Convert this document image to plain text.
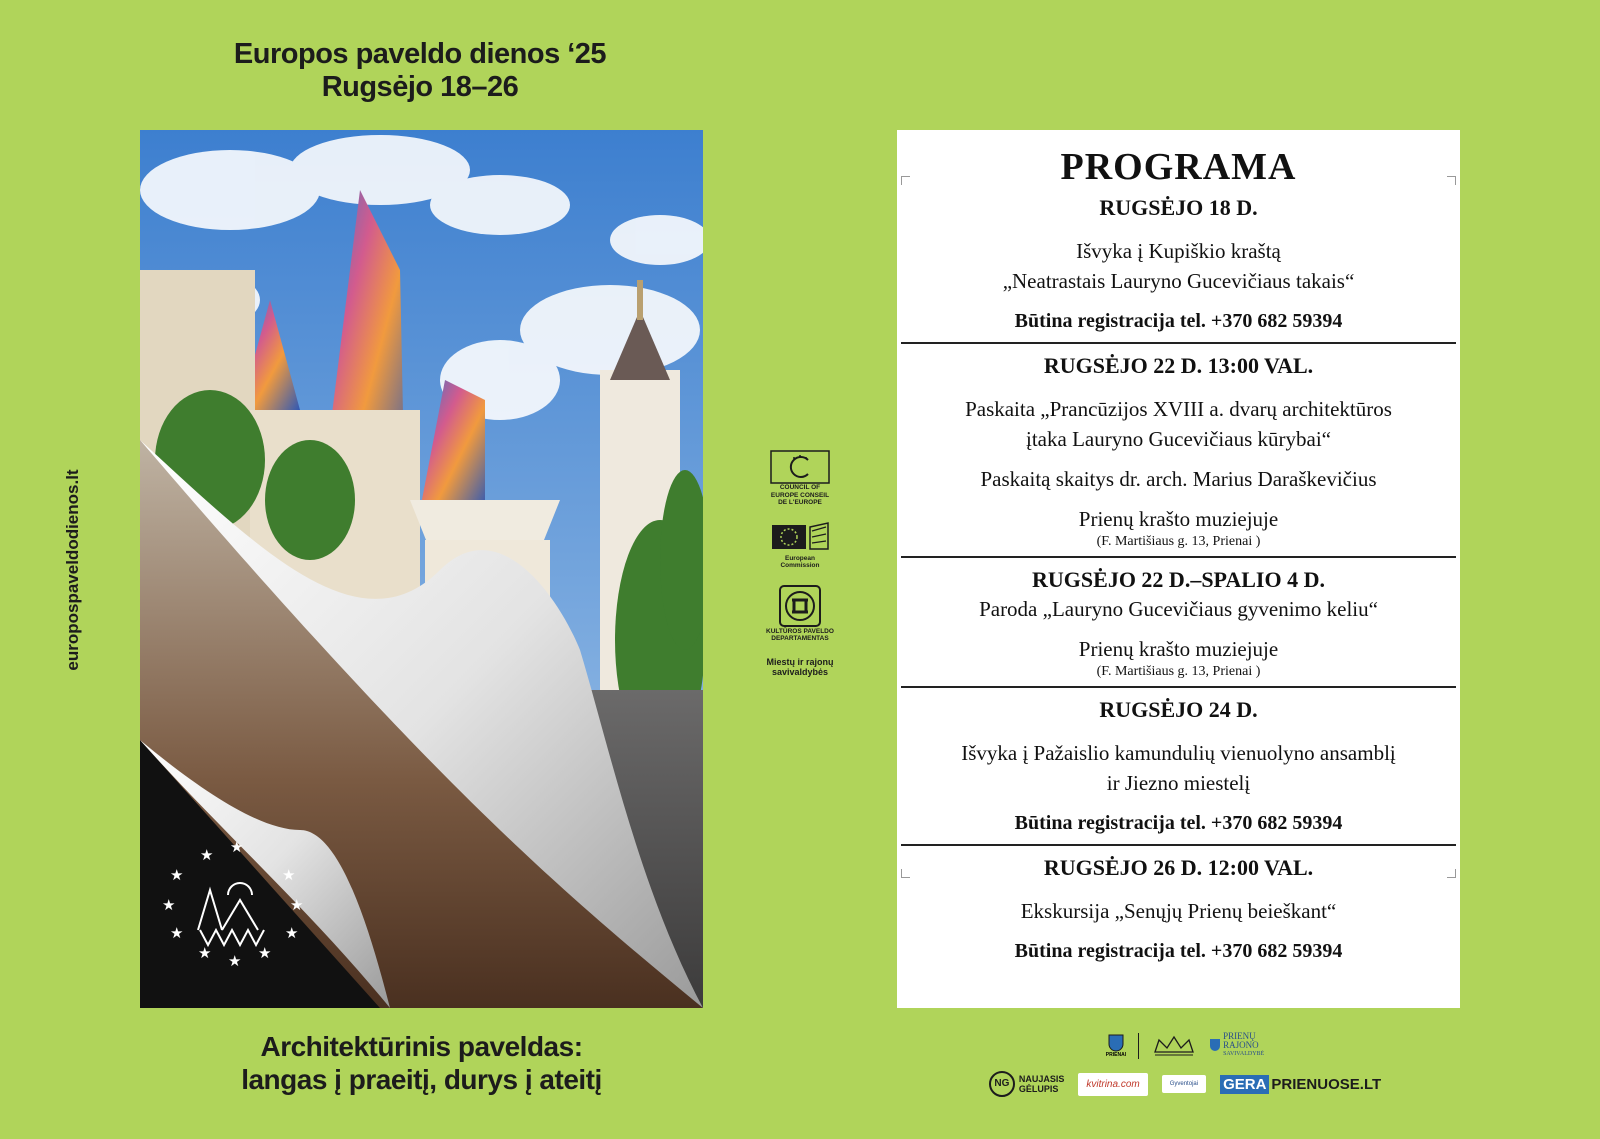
Europos paveldo dienos ‘25
Rugsėjo 18–26
europospaveldodienos.lt
★ ★
★
★
★
★ ★ ★
★
★
★
Architektūrinis paveldas:
langas į praeitį, durys į ateitį
COUNCIL OF EUROPE CONSEIL DE L'EUROPE
European Commission
KULTŪROS PAVELDO DEPARTAMENTAS
Miestų ir rajonų savivaldybės
PROGRAMA
RUGSĖJO 18 D.
Išvyka į Kupiškio kraštą
„Neatrastais Lauryno Gucevičiaus takais“
Būtina registracija tel. +370 682 59394
RUGSĖJO 22 D. 13:00 VAL.
Paskaita „Prancūzijos XVIII a. dvarų architektūros
įtaka Lauryno Gucevičiaus kūrybai“
Paskaitą skaitys dr. arch. Marius Daraškevičius
Prienų krašto muziejuje
(F. Martišiaus g. 13, Prienai )
RUGSĖJO 22 D.–SPALIO 4 D.
Paroda „Lauryno Gucevičiaus gyvenimo keliu“
Prienų krašto muziejuje
(F. Martišiaus g. 13, Prienai )
RUGSĖJO 24 D.
Išvyka į Pažaislio kamundulių vienuolyno ansamblį
ir Jiezno miestelį
Būtina registracija tel. +370 682 59394
RUGSĖJO 26 D. 12:00 VAL.
Ekskursija „Senųjų Prienų beieškant“
Būtina registracija tel. +370 682 59394
PRIENAI
PRIENŲ
RAJONO
SAVIVALDYBĖ
NG	NAUJASIS
GĖLUPIS	kvitrina.com	Gyventojai	GERA PRIENUOSE.LT
